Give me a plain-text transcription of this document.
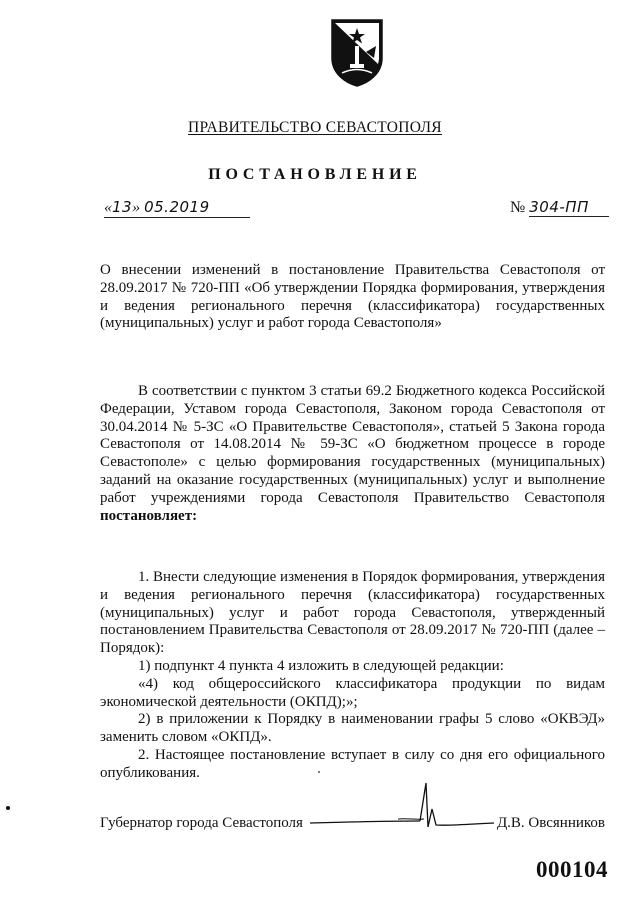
ПРАВИТЕЛЬСТВО СЕВАСТОПОЛЯ
ПОСТАНОВЛЕНИЕ
«13» 05.2019	№ 304-ПП

О внесении изменений в постановление Правительства Севастополя от 28.09.2017 № 720-ПП «Об утверждении Порядка формирования, утверждения и ведения регионального перечня (классификатора) государственных (муниципальных) услуг и работ города Севастополя»

В соответствии с пунктом 3 статьи 69.2 Бюджетного кодекса Российской Федерации, Уставом города Севастополя, Законом города Севастополя от 30.04.2014 № 5-ЗС «О Правительстве Севастополя», статьей 5 Закона города Севастополя от 14.08.2014 № 59-ЗС «О бюджетном процессе в городе Севастополе» с целью формирования государственных (муниципальных) заданий на оказание государственных (муниципальных) услуг и выполнение работ учреждениями города Севастополя Правительство Севастополя постановляет:

1. Внести следующие изменения в Порядок формирования, утверждения и ведения регионального перечня (классификатора) государственных (муниципальных) услуг и работ города Севастополя, утвержденный постановлением Правительства Севастополя от 28.09.2017 № 720-ПП (далее – Порядок):

1) подпункт 4 пункта 4 изложить в следующей редакции:

«4) код общероссийского классификатора продукции по видам экономической деятельности (ОКПД);»;

2) в приложении к Порядку в наименовании графы 5 слово «ОКВЭД» заменить словом «ОКПД».

2. Настоящее постановление вступает в силу со дня его официального опубликования.

Губернатор города Севастополя	Д.В. Овсянников
000104
